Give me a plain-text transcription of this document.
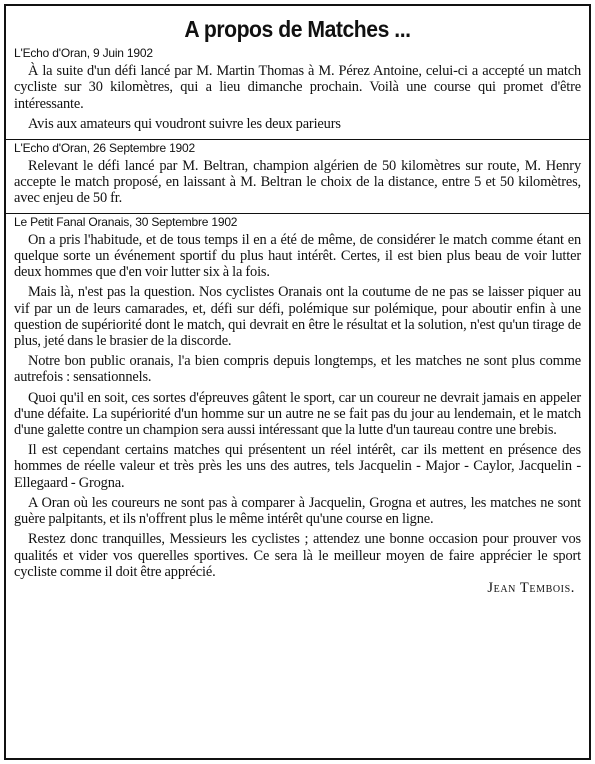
A propos de Matches ...
L'Echo d'Oran, 9 Juin 1902

À la suite d'un défi lancé par M. Martin Thomas à M. Pérez Antoine, celui-ci a accepté un match cycliste sur 30 kilomètres, qui a lieu dimanche prochain. Voilà une course qui promet d'être intéressante.

Avis aux amateurs qui voudront suivre les deux parieurs

L'Echo d'Oran, 26 Septembre 1902

Relevant le défi lancé par M. Beltran, champion algérien de 50 kilomètres sur route, M. Henry accepte le match proposé, en laissant à M. Beltran le choix de la distance, entre 5 et 50 kilomètres, avec enjeu de 50 fr.

Le Petit Fanal Oranais, 30 Septembre 1902

On a pris l'habitude, et de tous temps il en a été de même, de considérer le match comme étant en quelque sorte un événement sportif du plus haut intérêt. Certes, il est bien plus beau de voir lutter deux hommes que d'en voir lutter six à la fois.

Mais là, n'est pas la question. Nos cyclistes Oranais ont la coutume de ne pas se laisser piquer au vif par un de leurs camarades, et, défi sur défi, polémique sur polémique, pour aboutir enfin à une question de supériorité dont le match, qui devrait en être le résultat et la solution, n'est qu'un tirage de plus, jeté dans le brasier de la discorde.

Notre bon public oranais, l'a bien compris depuis longtemps, et les matches ne sont plus comme autrefois : sensationnels.

Quoi qu'il en soit, ces sortes d'épreuves gâtent le sport, car un coureur ne devrait jamais en appeler d'une défaite. La supériorité d'un homme sur un autre ne se fait pas du jour au lendemain, et le match d'une galette contre un champion sera aussi intéressant que la lutte d'un taureau contre une brebis.

Il est cependant certains matches qui présentent un réel intérêt, car ils mettent en présence des hommes de réelle valeur et très près les uns des autres, tels Jacquelin - Major - Caylor, Jacquelin - Ellegaard - Grogna.

A Oran où les coureurs ne sont pas à comparer à Jacquelin, Grogna et autres, les matches ne sont guère palpitants, et ils n'offrent plus le même intérêt qu'une course en ligne.

Restez donc tranquilles, Messieurs les cyclistes ; attendez une bonne occasion pour prouver vos qualités et vider vos querelles sportives. Ce sera là le meilleur moyen de faire apprécier le sport cycliste comme il doit être apprécié.

Jean Tembois.
